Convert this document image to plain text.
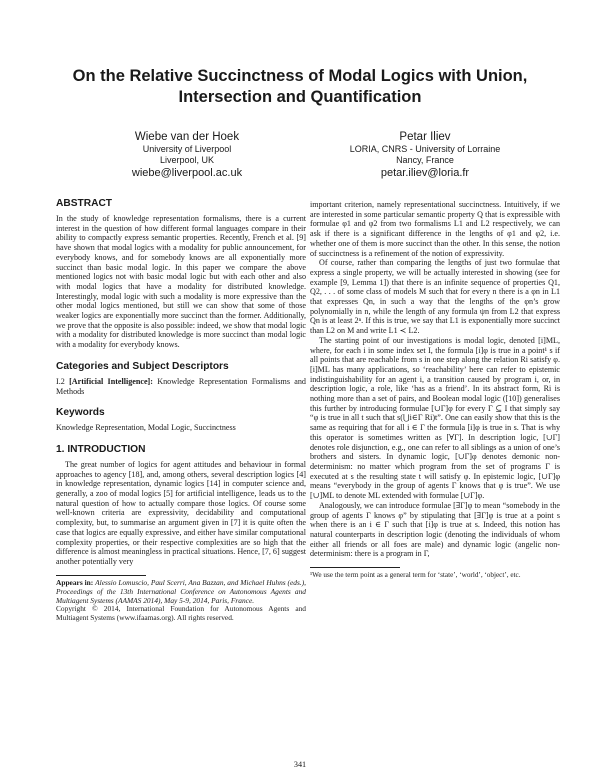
On the Relative Succinctness of Modal Logics with Union,
Intersection and Quantification
Wiebe van der Hoek
University of Liverpool
Liverpool, UK
wiebe@liverpool.ac.uk
Petar Iliev
LORIA, CNRS - University of Lorraine
Nancy, France
petar.iliev@loria.fr
ABSTRACT

In the study of knowledge representation formalisms, there is a current interest in the question of how different formal languages compare in their ability to compactly express semantic properties. Recently, French et al. [9] have shown that modal logics with a modality for public announcement, for everybody knows, and for somebody knows are all exponentially more succinct than basic modal logic. In this paper we compare the above mentioned logics not with basic modal logic but with each other and also with modal logics that have a modality for distributed knowledge. Interestingly, modal logic with such a modality is more expressive than the other modal logics mentioned, but still we can show that some of those weaker logics are exponentially more succinct than the former. Additionally, we prove that the opposite is also possible: indeed, we show that modal logic with a modality for distributed knowledge is more succinct than modal logic with a modality for everybody knows.

Categories and Subject Descriptors

I.2 [Artificial Intelligence]: Knowledge Representation Formalisms and Methods

Keywords

Knowledge Representation, Modal Logic, Succinctness

1. INTRODUCTION

The great number of logics for agent attitudes and behaviour in formal approaches to agency [18], and, among others, several description logics [4] in knowledge representation, dynamic logics [14] in computer science and, generally, a zoo of modal logics [5] for artificial intelligence, leads us to the natural question of how to actually compare those logics. Of course some well-known criteria are expressivity, decidability and computational complexity, but, to summarise an argument given in [7] it is quite often the case that logics are equally expressive, and either have similar computational complexity properties, or their respective complexities are so high that the difference is almost meaningless in practical situations. Hence, [7, 6] suggest another potentially very

Appears in: Alessio Lomuscio, Paul Scerri, Ana Bazzan, and Michael Huhns (eds.), Proceedings of the 13th International Conference on Autonomous Agents and Multiagent Systems (AAMAS 2014), May 5-9, 2014, Paris, France.
Copyright © 2014, International Foundation for Autonomous Agents and Multiagent Systems (www.ifaamas.org). All rights reserved.

important criterion, namely representational succinctness. Intuitively, if we are interested in some particular semantic property Q that is expressible with formulae φ1 and φ2 from two formalisms L1 and L2 respectively, we can ask if there is a significant difference in the lengths of φ1 and φ2, i.e. whether one of them is more succinct than the other. In this sense, the notion of succinctness is a refinement of the notion of expressivity.

Of course, rather than comparing the lengths of just two formulae that express a single property, we will be actually interested in showing (see for example [9, Lemma 1]) that there is an infinite sequence of properties Q1, Q2, . . . of some class of models M such that for every n there is a φn in L1 that expresses Qn, in such a way that the lengths of the φn’s grow polynomially in n, while the length of any formula ψn from L2 that express Qn is at least 2ⁿ. If this is true, we say that L1 is exponentially more succinct than L2 on M and write L1 ≺ L2.

The starting point of our investigations is modal logic, denoted [i]ML, where, for each i in some index set I, the formula [i]φ is true in a point¹ s if all points that are reachable from s in one step along the relation Ri satisfy φ. [i]ML has many applications, so ‘reachability’ here can refer to epistemic indistinguishability for an agent i, a transition caused by program i, or, in description logic, a role, like ‘has as a friend’. In its abstract form, Ri is nothing more than a set of pairs, and Boolean modal logic ([10]) generalises this further by introducing formulae [∪Γ]φ for every Γ ⊆ I that simply say “φ is true in all t such that s(⋃i∈Γ Ri)t”. One can easily show that this is the same as requiring that for all i ∈ Γ the formula [i]φ is true in s. That is why this operator is sometimes written as [∀Γ]. In description logic, [∪Γ] denotes role disjunction, e.g., one can refer to all siblings as a union of one’s brothers and sisters. In dynamic logic, [∪Γ]φ denotes demonic non-determinism: no matter which program from the set of programs Γ is executed at s the resulting state t will satisfy φ. In epistemic logic, [∪Γ]φ means “everybody in the group of agents Γ knows that φ is true”. We use [∪]ML to denote ML extended with formulae [∪Γ]φ.

Analogously, we can introduce formulae [∃Γ]φ to mean “somebody in the group of agents Γ knows φ” by stipulating that [∃Γ]φ is true at a point s when there is an i ∈ Γ such that [i]φ is true at s. Indeed, this notion has natural counterparts in description logic (denoting the individuals of whom either all friends or all foes are male) and dynamic logic (angelic non-determinism: there is a program in Γ,

¹We use the term point as a general term for ‘state’, ‘world’, ‘object’, etc.
341
